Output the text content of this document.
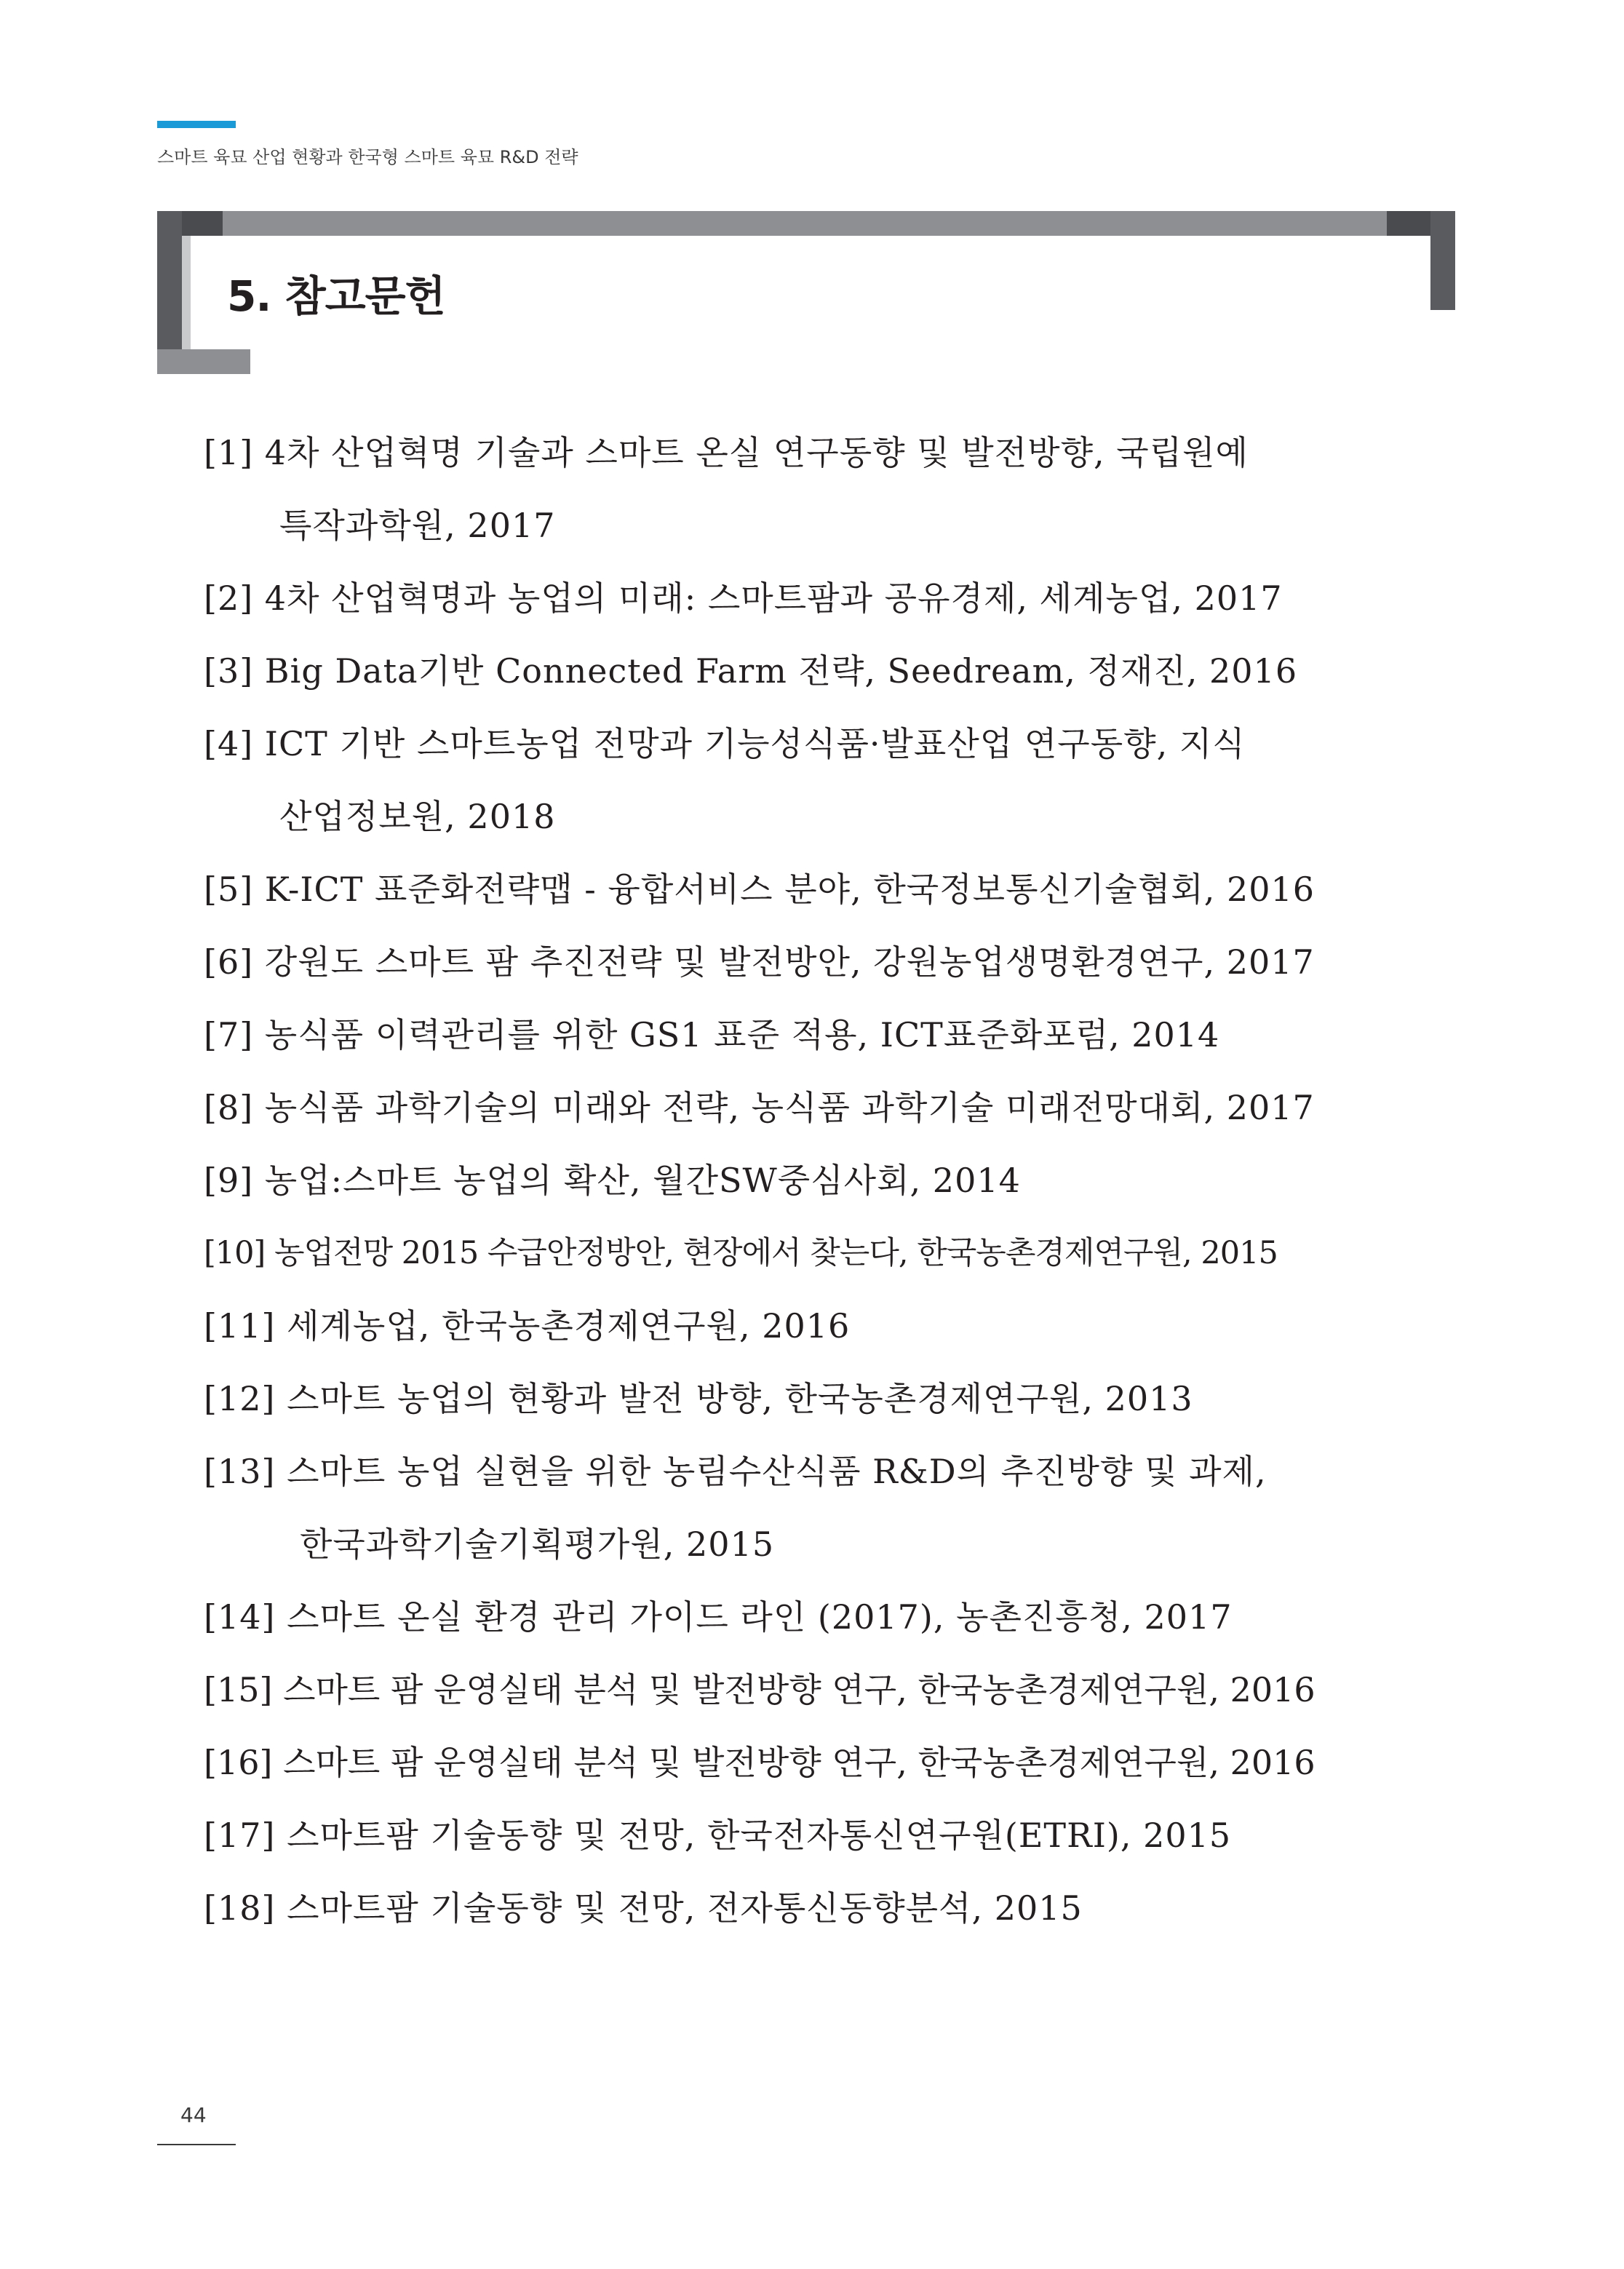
스마트 육묘 산업 현황과 한국형 스마트 육묘 R&D 전략
5. 참고문헌
[1] 4차 산업혁명 기술과 스마트 온실 연구동향 및 발전방향, 국립원예
특작과학원, 2017
[2] 4차 산업혁명과 농업의 미래: 스마트팜과 공유경제, 세계농업, 2017
[3] Big Data기반 Connected Farm 전략, Seedream, 정재진, 2016
[4] ICT 기반 스마트농업 전망과 기능성식품·발표산업 연구동향, 지식
산업정보원, 2018
[5] K-ICT 표준화전략맵 - 융합서비스 분야, 한국정보통신기술협회, 2016
[6] 강원도 스마트 팜 추진전략 및 발전방안, 강원농업생명환경연구, 2017
[7] 농식품 이력관리를 위한 GS1 표준 적용, ICT표준화포럼, 2014
[8] 농식품 과학기술의 미래와 전략, 농식품 과학기술 미래전망대회, 2017
[9] 농업:스마트 농업의 확산, 월간SW중심사회, 2014
[10] 농업전망 2015 수급안정방안, 현장에서 찾는다, 한국농촌경제연구원, 2015
[11] 세계농업, 한국농촌경제연구원, 2016
[12] 스마트 농업의 현황과 발전 방향, 한국농촌경제연구원, 2013
[13] 스마트 농업 실현을 위한 농림수산식품 R&D의 추진방향 및 과제,
한국과학기술기획평가원, 2015
[14] 스마트 온실 환경 관리 가이드 라인 (2017), 농촌진흥청, 2017
[15] 스마트 팜 운영실태 분석 및 발전방향 연구, 한국농촌경제연구원, 2016
[16] 스마트 팜 운영실태 분석 및 발전방향 연구, 한국농촌경제연구원, 2016
[17] 스마트팜 기술동향 및 전망, 한국전자통신연구원(ETRI), 2015
[18] 스마트팜 기술동향 및 전망, 전자통신동향분석, 2015
44
